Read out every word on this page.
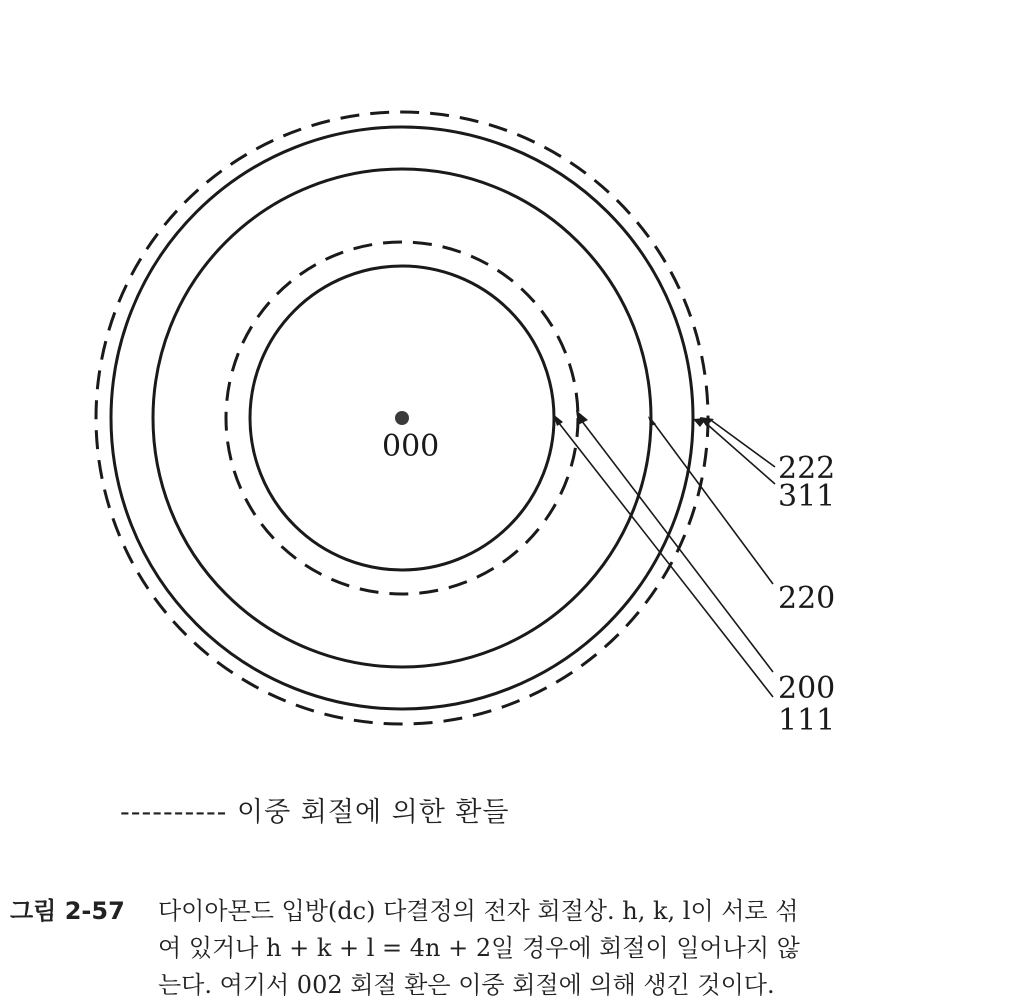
000
222
311
220
200
111
---------- 이중 회절에 의한 환들
그림 2-57 다이아몬드 입방(dc) 다결정의 전자 회절상. h, k, l이 서로 섞
여 있거나 h + k + l = 4n + 2일 경우에 회절이 일어나지 않
는다. 여기서 002 회절 환은 이중 회절에 의해 생긴 것이다.
